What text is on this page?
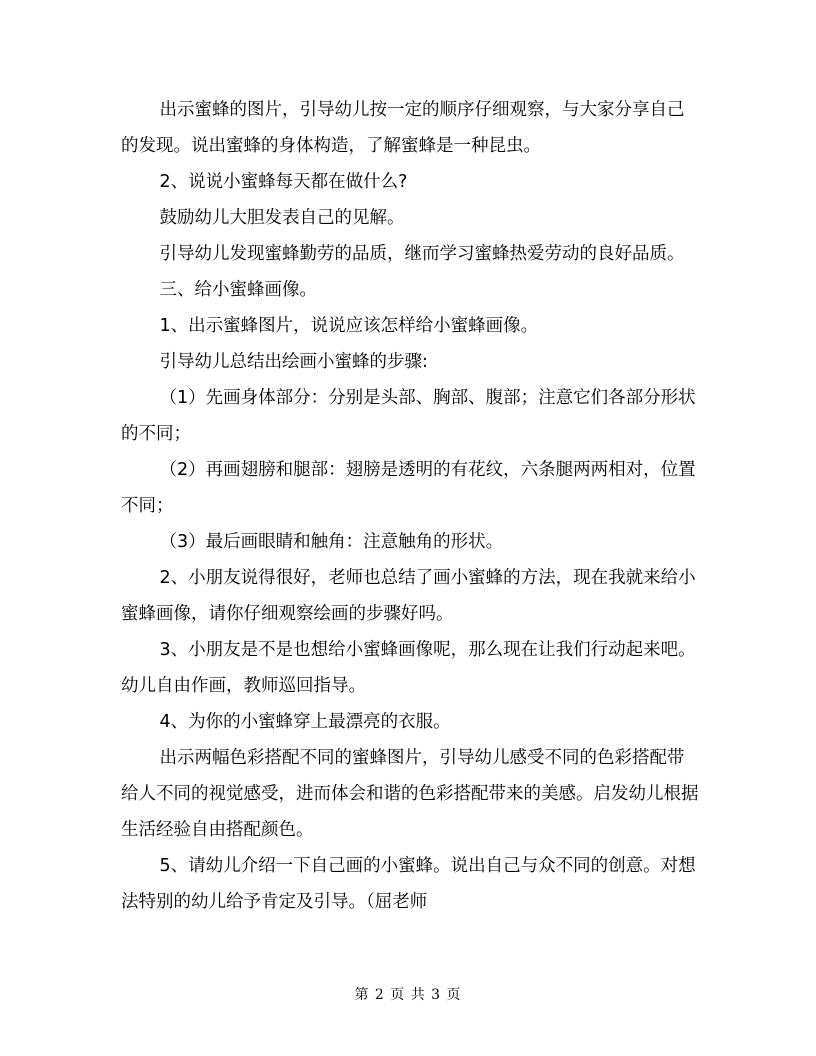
出示蜜蜂的图片，引导幼儿按一定的顺序仔细观察，与大家分享自己的发现。说出蜜蜂的身体构造，了解蜜蜂是一种昆虫。

2、说说小蜜蜂每天都在做什么?

鼓励幼儿大胆发表自己的见解。

引导幼儿发现蜜蜂勤劳的品质，继而学习蜜蜂热爱劳动的良好品质。

三、给小蜜蜂画像。

1、出示蜜蜂图片，说说应该怎样给小蜜蜂画像。

引导幼儿总结出绘画小蜜蜂的步骤:

（1）先画身体部分：分别是头部、胸部、腹部；注意它们各部分形状的不同；

（2）再画翅膀和腿部：翅膀是透明的有花纹，六条腿两两相对，位置不同；

（3）最后画眼睛和触角：注意触角的形状。

2、小朋友说得很好，老师也总结了画小蜜蜂的方法，现在我就来给小蜜蜂画像，请你仔细观察绘画的步骤好吗。

3、小朋友是不是也想给小蜜蜂画像呢，那么现在让我们行动起来吧。幼儿自由作画，教师巡回指导。

4、为你的小蜜蜂穿上最漂亮的衣服。

出示两幅色彩搭配不同的蜜蜂图片，引导幼儿感受不同的色彩搭配带给人不同的视觉感受，进而体会和谐的色彩搭配带来的美感。启发幼儿根据生活经验自由搭配颜色。

5、请幼儿介绍一下自己画的小蜜蜂。说出自己与众不同的创意。对想法特别的幼儿给予肯定及引导。（屈老师

第 2 页 共 3 页
